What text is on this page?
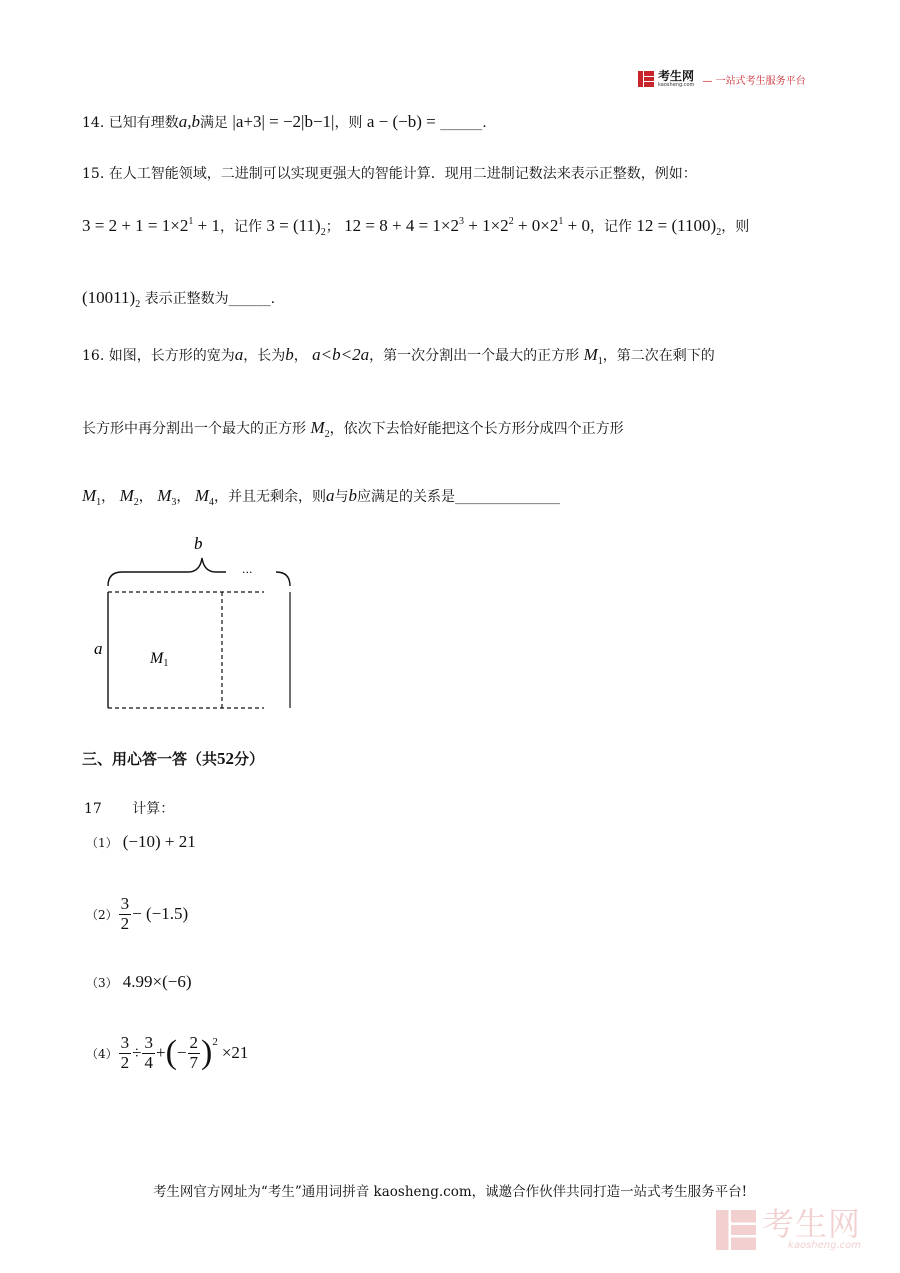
考生网
kaosheng.com — 一站式考生服务平台
14. 已知有理数a,b满足 |a+3| = −2|b−1|，则 a − (−b) = ______.
15. 在人工智能领域，二进制可以实现更强大的智能计算．现用二进制记数法来表示正整数，例如：
$3 = 2 + 1 = 1\times 2^1 + 1$，记作 $3 = (11)_2$； $12 = 8 + 4 = 1\times 2^3 + 1\times 2^2 + 0\times 2^1 + 0$，记作 $12 = (1100)_2$，则
$(10011)_2$ 表示正整数为______.
16. 如图，长方形的宽为a，长为b， a<b<2a，第一次分割出一个最大的正方形 $M_1$，第二次在剩下的
长方形中再分割出一个最大的正方形 $M_2$，依次下去恰好能把这个长方形分成四个正方形
$M_1$， $M_2$， $M_3$， $M_4$，并且无剩余，则a与b应满足的关系是_______________
b
···
a
M1
三、用心答一答（共52分）
17 计算：
（1） (−10) + 21
$(2) \frac{3}{2} - (-1.5)$
（3） 4.99×(−6)
$(4) \frac{3}{2} \div \frac{3}{4}$ + ( − $\frac{2}{7}$ ) 2
×21
考生网官方网址为“考生”通用词拼音 kaosheng.com，诚邀合作伙伴共同打造一站式考生服务平台!
考生网
kaosheng.com
